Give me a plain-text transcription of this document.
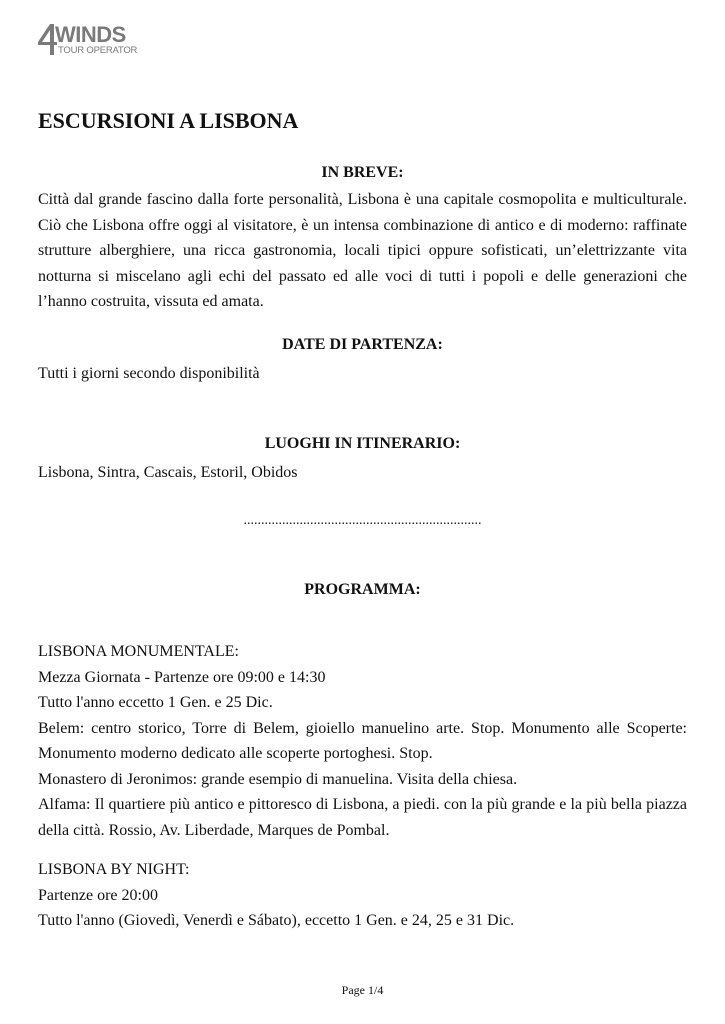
WINDS
TOUR OPERATOR
ESCURSIONI A LISBONA
IN BREVE:

Città dal grande fascino dalla forte personalità, Lisbona è una capitale cosmopolita e multiculturale. Ciò che Lisbona offre oggi al visitatore, è un intensa combinazione di antico e di moderno: raffinate strutture alberghiere, una ricca gastronomia, locali tipici oppure sofisticati, un’elettrizzante vita notturna si miscelano agli echi del passato ed alle voci di tutti i popoli e delle generazioni che l’hanno costruita, vissuta ed amata.

DATE DI PARTENZA:

Tutti i giorni secondo disponibilità

LUOGHI IN ITINERARIO:

Lisbona, Sintra, Cascais, Estoril, Obidos

....................................................................
PROGRAMMA:
LISBONA MONUMENTALE:
Mezza Giornata - Partenze ore 09:00 e 14:30
Tutto l'anno eccetto 1 Gen. e 25 Dic.
Belem: centro storico, Torre di Belem, gioiello manuelino arte. Stop. Monumento alle Scoperte: Monumento moderno dedicato alle scoperte portoghesi. Stop.
Monastero di Jeronimos: grande esempio di manuelina. Visita della chiesa.
Alfama: Il quartiere più antico e pittoresco di Lisbona, a piedi. con la più grande e la più bella piazza della città. Rossio, Av. Liberdade, Marques de Pombal.
LISBONA BY NIGHT:
Partenze ore 20:00
Tutto l'anno (Giovedì, Venerdì e Sábato), eccetto 1 Gen. e 24, 25 e 31 Dic.
Page 1/4
